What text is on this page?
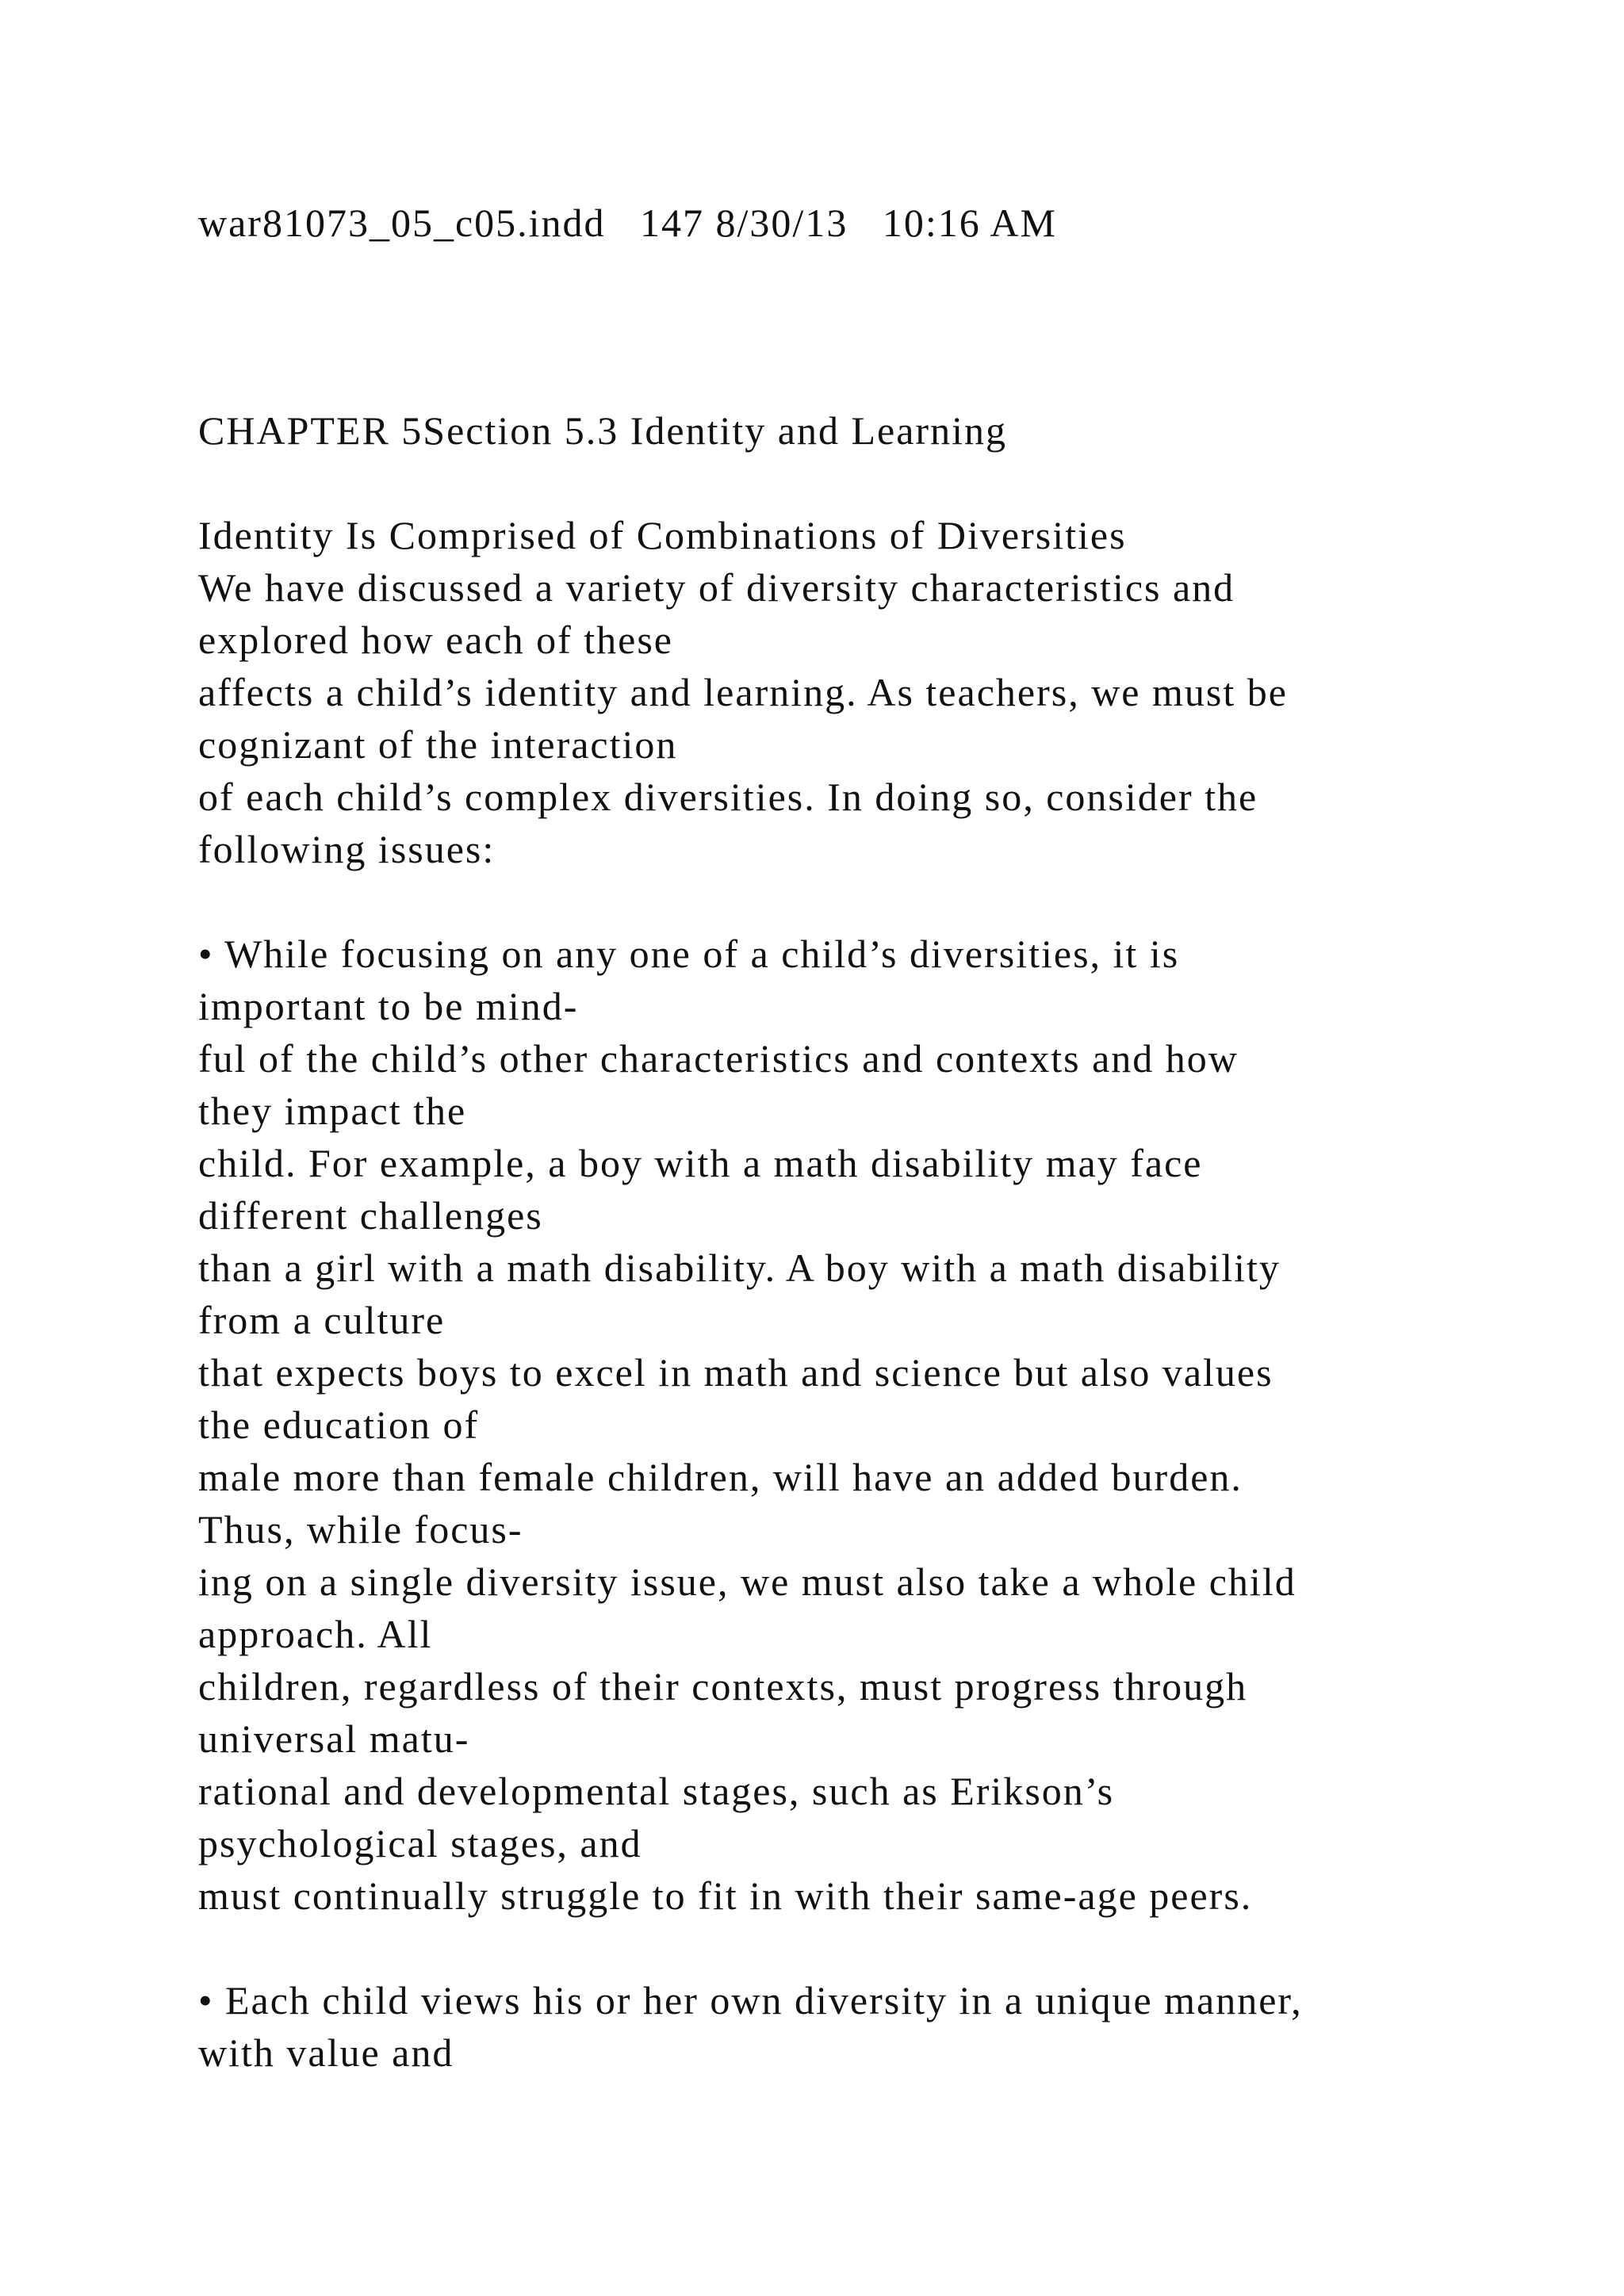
war81073_05_c05.indd   147 8/30/13   10:16 AM
CHAPTER 5Section 5.3 Identity and Learning
Identity Is Comprised of Combinations of Diversities
We have discussed a variety of diversity characteristics and
explored how each of these
affects a child’s identity and learning. As teachers, we must be
cognizant of the interaction
of each child’s complex diversities. In doing so, consider the
following issues:
• While focusing on any one of a child’s diversities, it is
important to be mind-
ful of the child’s other characteristics and contexts and how
they impact the
child. For example, a boy with a math disability may face
different challenges
than a girl with a math disability. A boy with a math disability
from a culture
that expects boys to excel in math and science but also values
the education of
male more than female children, will have an added burden.
Thus, while focus-
ing on a single diversity issue, we must also take a whole child
approach. All
children, regardless of their contexts, must progress through
universal matu-
rational and developmental stages, such as Erikson’s
psychological stages, and
must continually struggle to fit in with their same-age peers.
• Each child views his or her own diversity in a unique manner,
with value and
